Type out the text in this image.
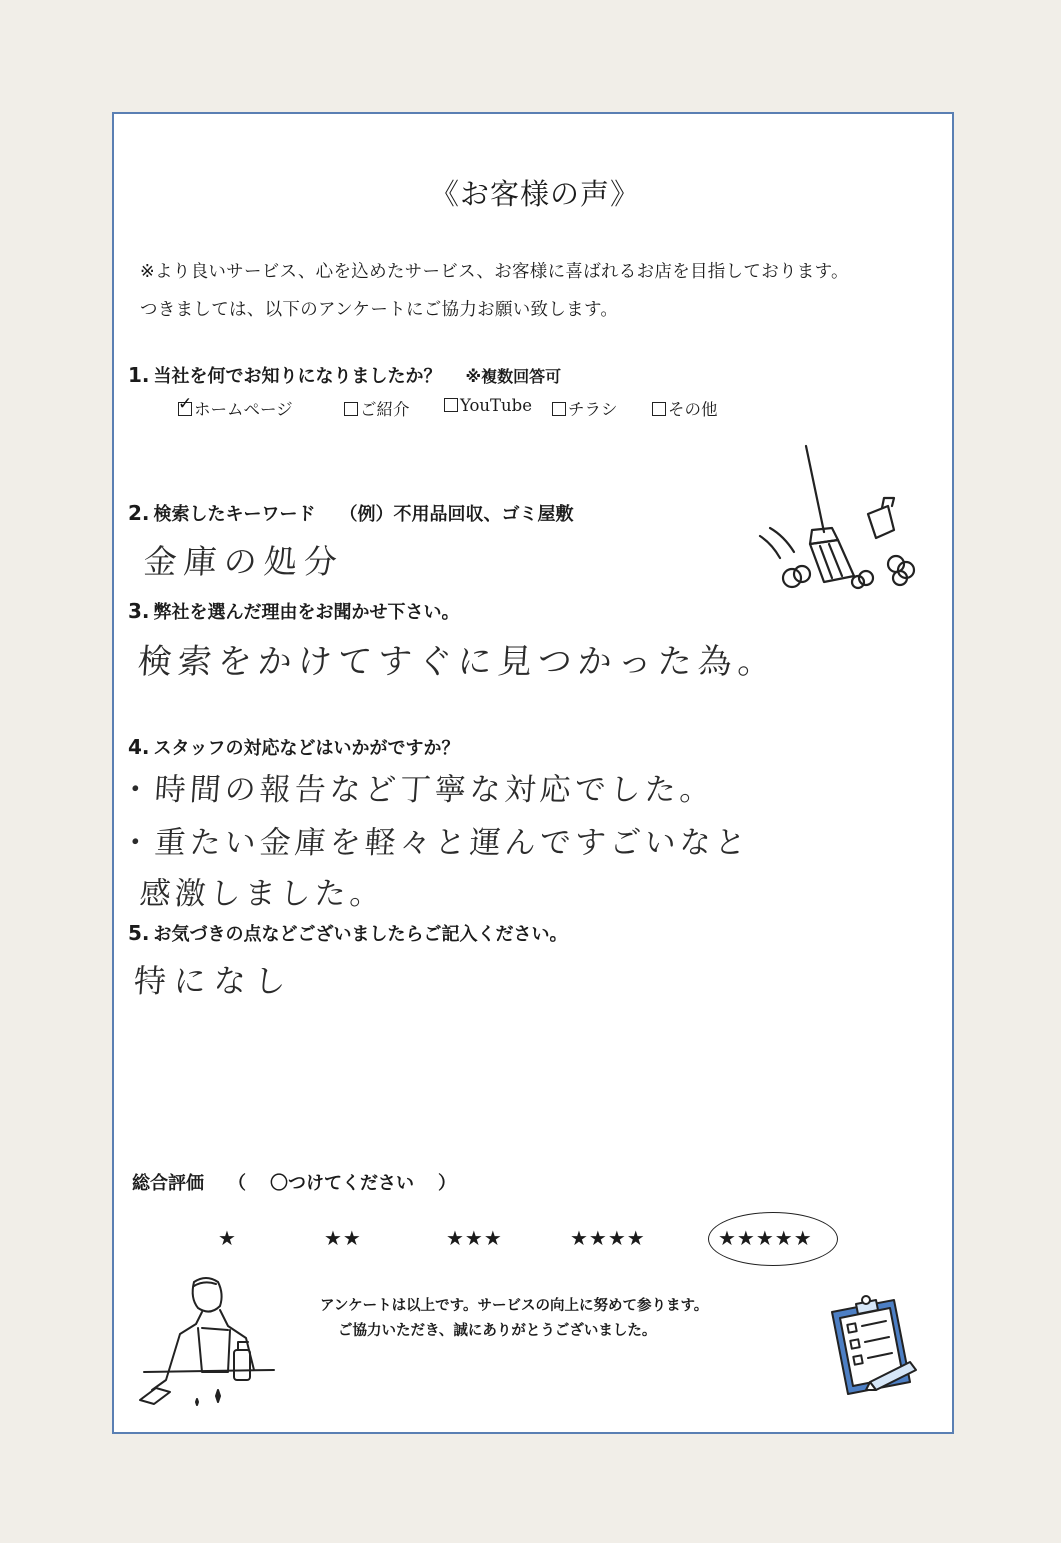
《お客様の声》
※より良いサービス、心を込めたサービス、お客様に喜ばれるお店を目指しております。
つきましては、以下のアンケートにご協力お願い致します。
1. 当社を何でお知りになりましたか？ ※複数回答可
✓ホームページ	ご紹介	YouTube	チラシ	その他
2. 検索したキーワード （例）不用品回収、ゴミ屋敷
金庫の処分
3. 弊社を選んだ理由をお聞かせ下さい。
検索をかけてすぐに見つかった為。
4. スタッフの対応などはいかがですか？
・時間の報告など丁寧な対応でした。
・重たい金庫を軽々と運んですごいなと
感激しました。
5. お気づきの点などございましたらご記入ください。
特になし
総合評価 （ 〇つけてください ）
★	★★	★★★	★★★★	★★★★★
アンケートは以上です。サービスの向上に努めて参ります。
ご協力いただき、誠にありがとうございました。
